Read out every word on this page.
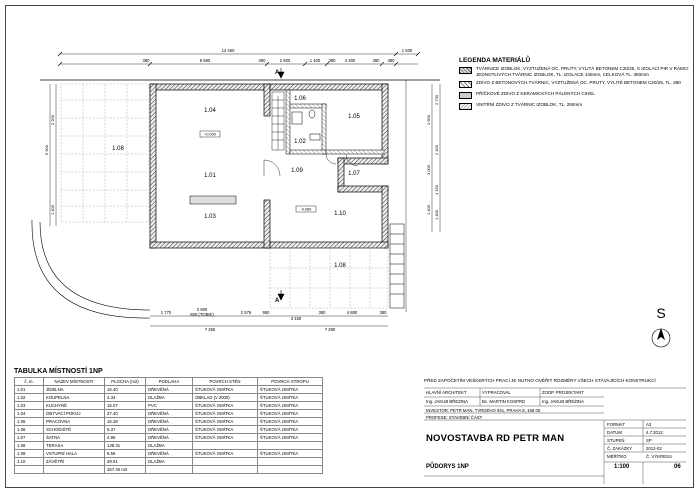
14 450	1 500
380	6 580	380	2 600	1 400 380 4 300	380 380
6 900
2 200
1 400
A
A
1.04
1.01
1.03
1.08
1.06
1.02
1.09
1.05
1.07
1.10
1.08
+0.000
-0.080
1 600
3 000
1 400
2 730
2 400
1 150
1 400
1 770
2 900
800 (TOBIE)	2 576	950
3 460
380	4 880	380
7 250	7 290
S
LEGENDA MATERIÁLŮ
TVÁRNICE IZOBLOK, VYZTUŽENÁ OC. PRUTY, VYLITÁ BETONEM C20/25, S IZOLACÍ PIR V RÁMCI JEDNOTLIVÝCH TVÁRNIC IZOBLOK, TL. IZOLACE 140mm, CELKOVÁ TL. 380mm
ZDIVO Z BETONOVÝCH TVÁRNIC, VYZTUŽENÁ OC. PRUTY, VYLITÉ BETONEM C20/25, TL. 380
PŘÍČKOVÉ ZDIVO Z KERAMICKÝCH PÁLENÝCH CIHEL
VNITŘNÍ ZDIVO Z TVÁRNIC IZOBLOK, TL. 250mm
TABULKA MÍSTNOSTÍ 1NP
č. m.	NÁZEV MÍSTNOSTI	PLOCHA (m2)	PODLAHA	POVRCH STĚN	POVRCH STROPU
1.01	JÍDELNA	16.40	DŘEVĚNÁ	ŠTUKOVÁ OMÍTKA	ŠTUKOVÁ OMÍTKA
1.02	KOUPELNA	4.34	DLAŽBA	OBKLAD (V.2000)	ŠTUKOVÁ OMÍTKA
1.03	KUCHYNĚ	15.07	PVC	ŠTUKOVÁ OMÍTKA	ŠTUKOVÁ OMÍTKA
1.04	OBÝVACÍ POKOJ	27.40	DŘEVĚNÁ	ŠTUKOVÁ OMÍTKA	ŠTUKOVÁ OMÍTKA
1.05	PRACOVNA	16.28	DŘEVĚNÁ	ŠTUKOVÁ OMÍTKA	ŠTUKOVÁ OMÍTKA
1.06	SCHODIŠTĚ	6.37	DŘEVĚNÁ	ŠTUKOVÁ OMÍTKA	ŠTUKOVÁ OMÍTKA
1.07	ŠATNA	4.95	DŘEVĚNÁ	ŠTUKOVÁ OMÍTKA	ŠTUKOVÁ OMÍTKA
1.08	TERASA	138.31	DLAŽBA		
1.09	VSTUPNÍ HALA	8.56	DŘEVĚNÁ	ŠTUKOVÁ OMÍTKA	ŠTUKOVÁ OMÍTKA
1.10	ZÁVĚTŘÍ	29.61	DLAŽBA		
		267.40 m2			
PŘED ZAPOČETÍM VEŠKERÝCH PRACÍ JE NUTNO OVĚŘIT ROZMĚRY VŠECH STÁVAJÍCÍCH KONSTRUKCÍ
HLAVNÍ ARCHITEKT	VYPRACOVAL	ZODP. PROJEKTANT
Ing. JAKUB BŘEZINA	Bc. MARTIN KOSPRD	Ing. JAKUB BŘEZINA
INVESTOR: PETR MAN, TVRDÉHO 941, PRAHA 8, 158 00
PROFESE: STAVEBNÍ ČÁST
NOVOSTAVBA RD PETR MAN
PŮDORYS 1NP
FORMÁT	A3
DATUM	4.7.2012
STUPEŇ	SP
Č. ZAKÁZKY	2012-02
MĚŘÍTKO	Č. VÝKRESU
1:100	06
